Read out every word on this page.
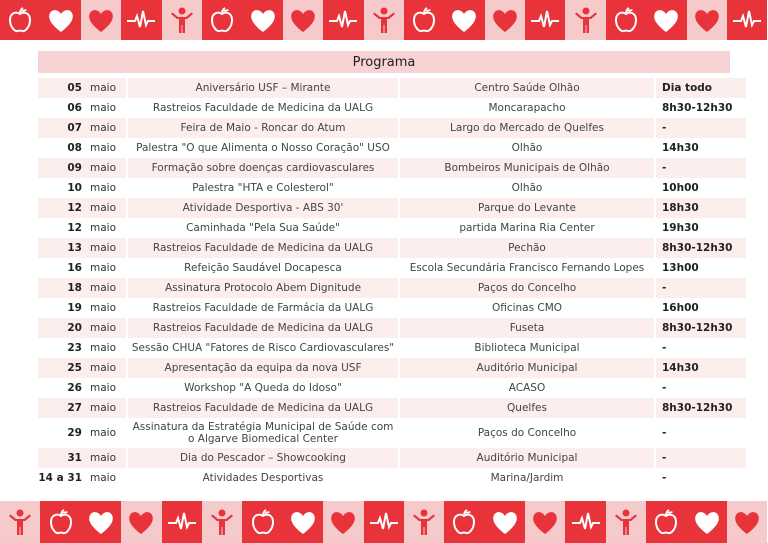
Programa
05	maio	Aniversário USF – Mirante	Centro Saúde Olhão	Dia todo
06	maio	Rastreios Faculdade de Medicina da UALG	Moncarapacho	8h30-12h30
07	maio	Feira de Maio - Roncar do Atum	Largo do Mercado de Quelfes	-
08	maio	Palestra "O que Alimenta o Nosso Coração" USO	Olhão	14h30
09	maio	Formação sobre doenças cardiovasculares	Bombeiros Municipais de Olhão	-
10	maio	Palestra "HTA e Colesterol"	Olhão	10h00
12	maio	Atividade Desportiva - ABS 30'	Parque do Levante	18h30
12	maio	Caminhada "Pela Sua Saúde"	partida Marina Ria Center	19h30
13	maio	Rastreios Faculdade de Medicina da UALG	Pechão	8h30-12h30
16	maio	Refeição Saudável Docapesca	Escola Secundária Francisco Fernando Lopes	13h00
18	maio	Assinatura Protocolo Abem Dignitude	Paços do Concelho	-
19	maio	Rastreios Faculdade de Farmácia da UALG	Oficinas CMO	16h00
20	maio	Rastreios Faculdade de Medicina da UALG	Fuseta	8h30-12h30
23	maio	Sessão CHUA "Fatores de Risco Cardiovasculares"	Biblioteca Municipal	-
25	maio	Apresentação da equipa da nova USF	Auditório Municipal	14h30
26	maio	Workshop "A Queda do Idoso"	ACASO	-
27	maio	Rastreios Faculdade de Medicina da UALG	Quelfes	8h30-12h30
29	maio	Assinatura da Estratégia Municipal de Saúde com o Algarve Biomedical Center	Paços do Concelho	-
31	maio	Dia do Pescador – Showcooking	Auditório Municipal	-
14 a 31	maio	Atividades Desportivas	Marina/Jardim	-
